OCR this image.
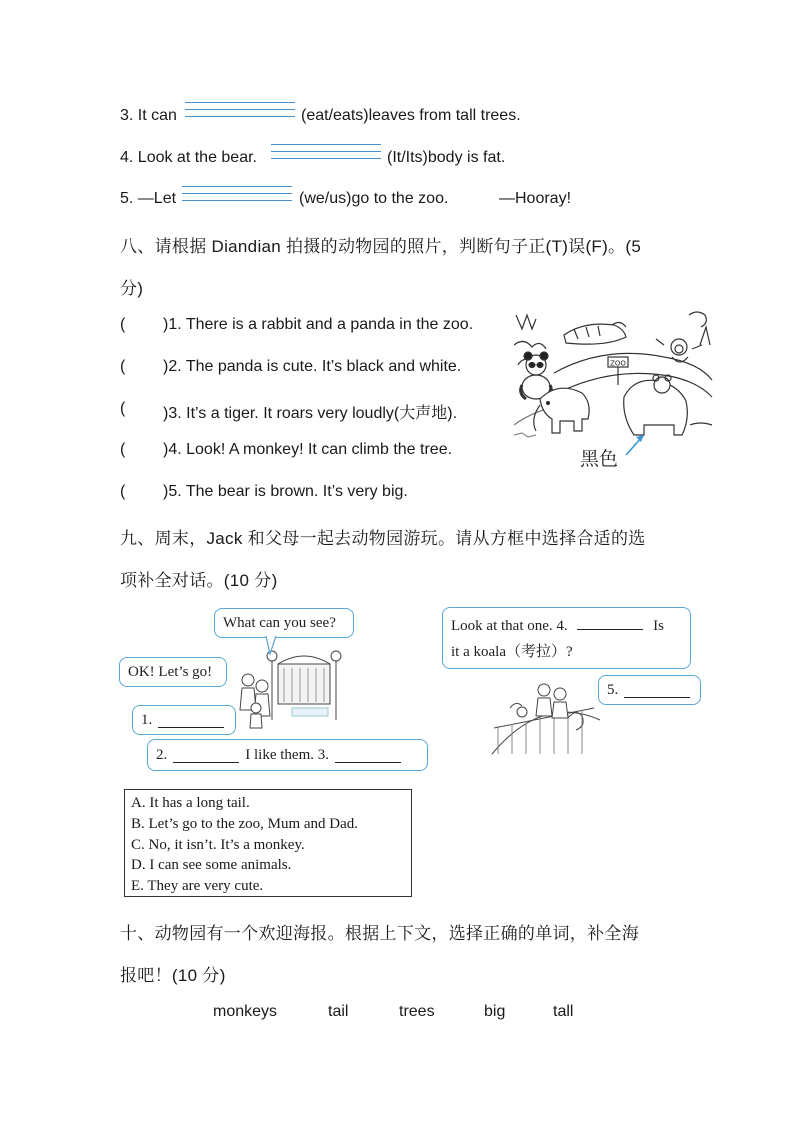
3. It can	(eat/eats)leaves from tall trees.
4. Look at the bear.	(It/Its)body is fat.
5. —Let	(we/us)go to the zoo.	—Hooray!
八、请根据 Diandian 拍摄的动物园的照片，判断句子正(T)误(F)。(5
分)
( )1. There is a rabbit and a panda in the zoo.
( )2. The panda is cute. It’s black and white.
( )3. It’s a tiger. It roars very loudly(大声地).
( )4. Look! A monkey! It can climb the tree.
( )5. The bear is brown. It’s very big.
ZOO
黑色
九、周末，Jack 和父母一起去动物园游玩。请从方框中选择合适的选
项补全对话。(10 分)
What can you see?
OK! Let’s go!
1.
2.	I like them. 3.
Look at that one. 4.	Is
it a koala（考拉）?
5.
A. It has a long tail.
B. Let’s go to the zoo, Mum and Dad.
C. No, it isn’t. It’s a monkey.
D. I can see some animals.
E. They are very cute.
十、动物园有一个欢迎海报。根据上下文，选择正确的单词，补全海
报吧！(10 分)
monkeys	tail	trees	big	tall
